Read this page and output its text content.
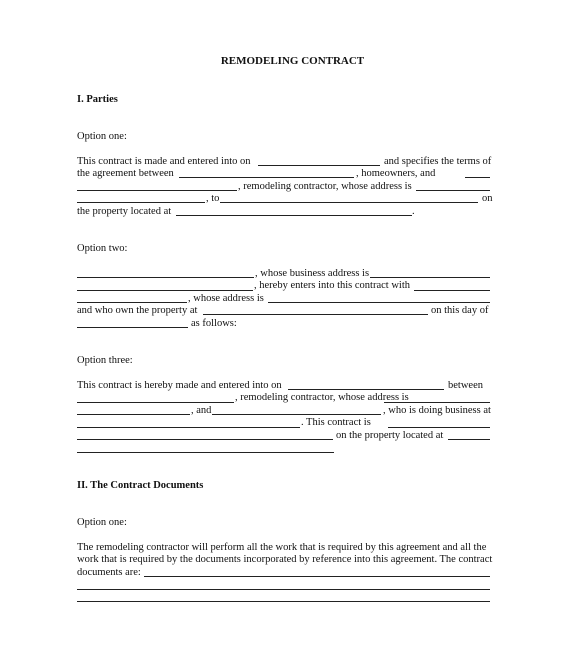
REMODELING CONTRACT
I. Parties
Option one:
This contract is made and entered into on	and specifies the terms of
the agreement between	, homeowners, and
, remodeling contractor, whose address is
, to	on
the property located at	.
Option two:
, whose business address is
, hereby enters into this contract with
, whose address is
and who own the property at	on this day of
as follows:
Option three:
This contract is hereby made and entered into on	between
, remodeling contractor, whose address is
, and	, who is doing business at
. This contract is
on the property located at
II. The Contract Documents
Option one:
The remodeling contractor will perform all the work that is required by this agreement and all the
work that is required by the documents incorporated by reference into this agreement. The contract
documents are:
